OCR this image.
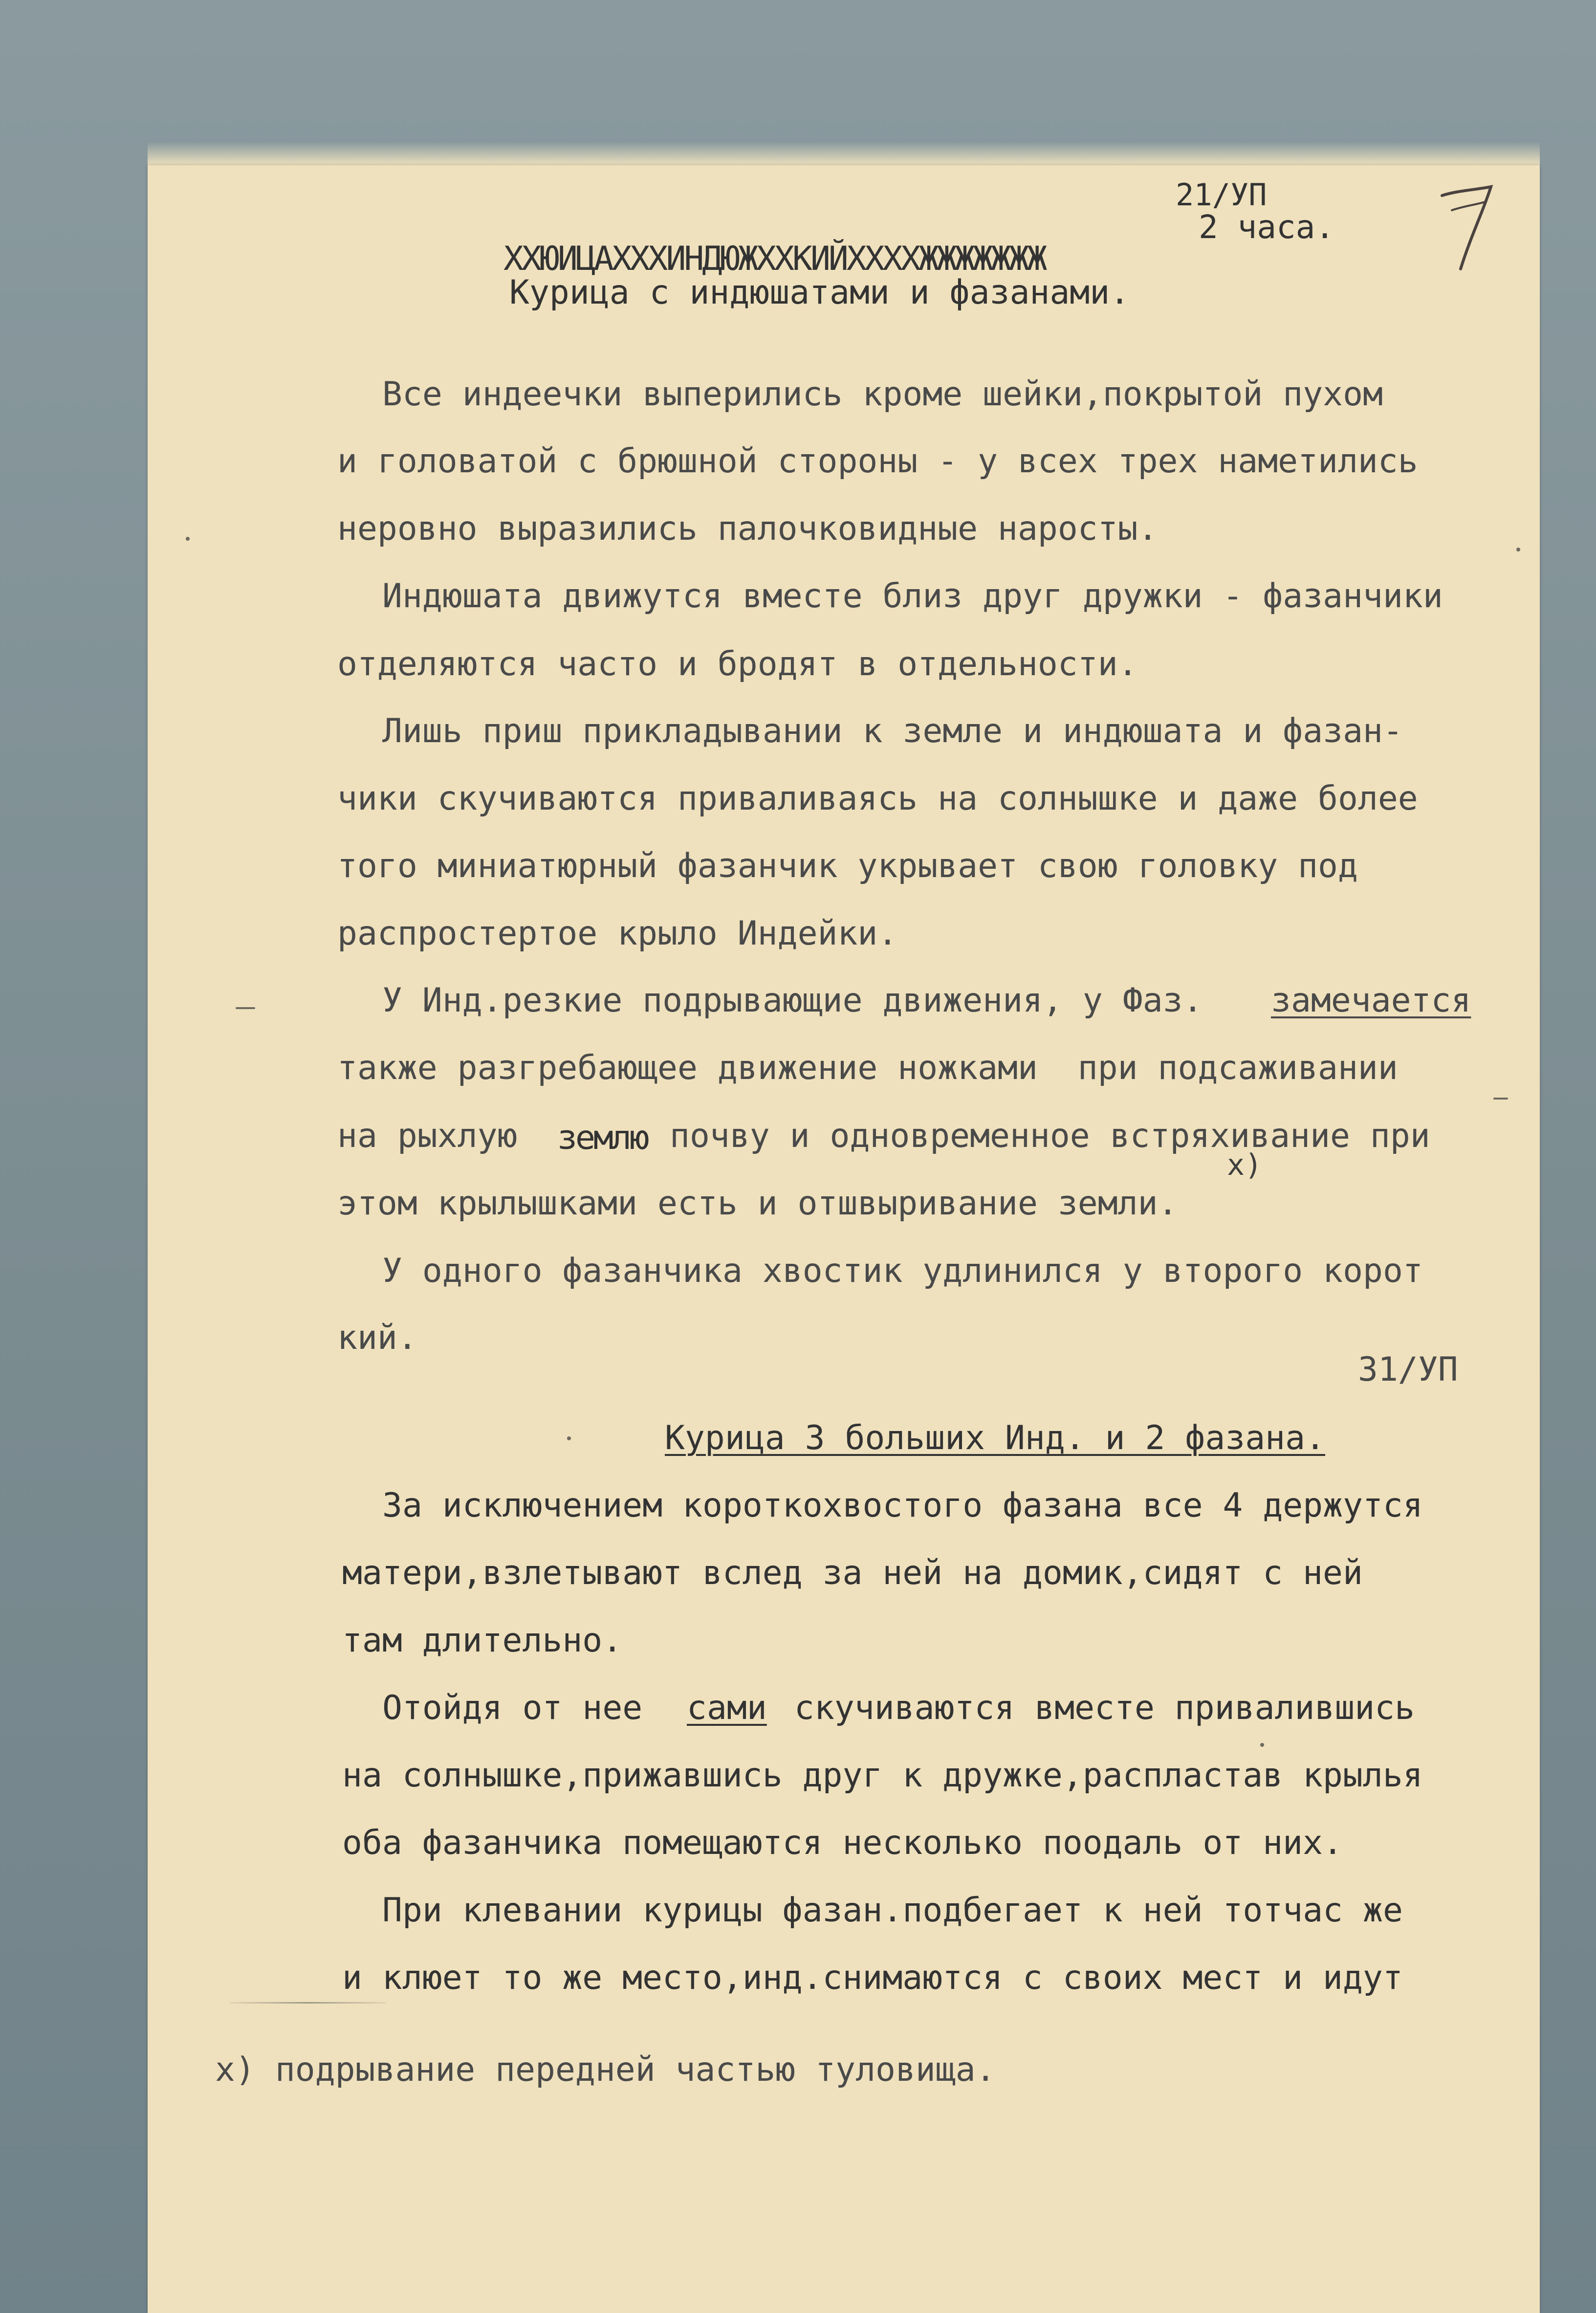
21/УП
2 часа.
ХХЮИЦАХХХИНДЮЖХХКИЙХХХХЖЖЖЖЖЖЖ
Курица с индюшатами и фазанами.
Все индеечки выперились кроме шейки,покрытой пухом
и головатой с брюшной стороны - у всех трех наметились
неровно выразились палочковидные наросты.
Индюшата движутся вместе близ друг дружки - фазанчики
отделяются часто и бродят в отдельности.
Лишь приш прикладывании к земле и индюшата и фазан-
чики скучиваются приваливаясь на солнышке и даже более
того миниатюрный фазанчик укрывает свою головку под
распростертое крыло Индейки.
У Инд.резкие подрывающие движения, у Фаз. замечается
также разгребающее движение ножками  при подсаживании
на рыхлую землю почву и одновременное встряхивание при
x)
этом крылышками есть и отшвыривание земли.
У одного фазанчика хвостик удлинился у второго корот
кий.
31/УП
Курица 3 больших Инд. и 2 фазана.
За исключением короткохвостого фазана все 4 держутся
матери,взлетывают вслед за ней на домик,сидят с ней
там длительно.
Отойдя от нее сами скучиваются вместе привалившись
на солнышке,прижавшись друг к дружке,распластав крылья
оба фазанчика помещаются несколько поодаль от них.
При клевании курицы фазан.подбегает к ней тотчас же
и клюет то же место,инд.снимаются с своих мест и идут
x) подрывание передней частью туловища.
